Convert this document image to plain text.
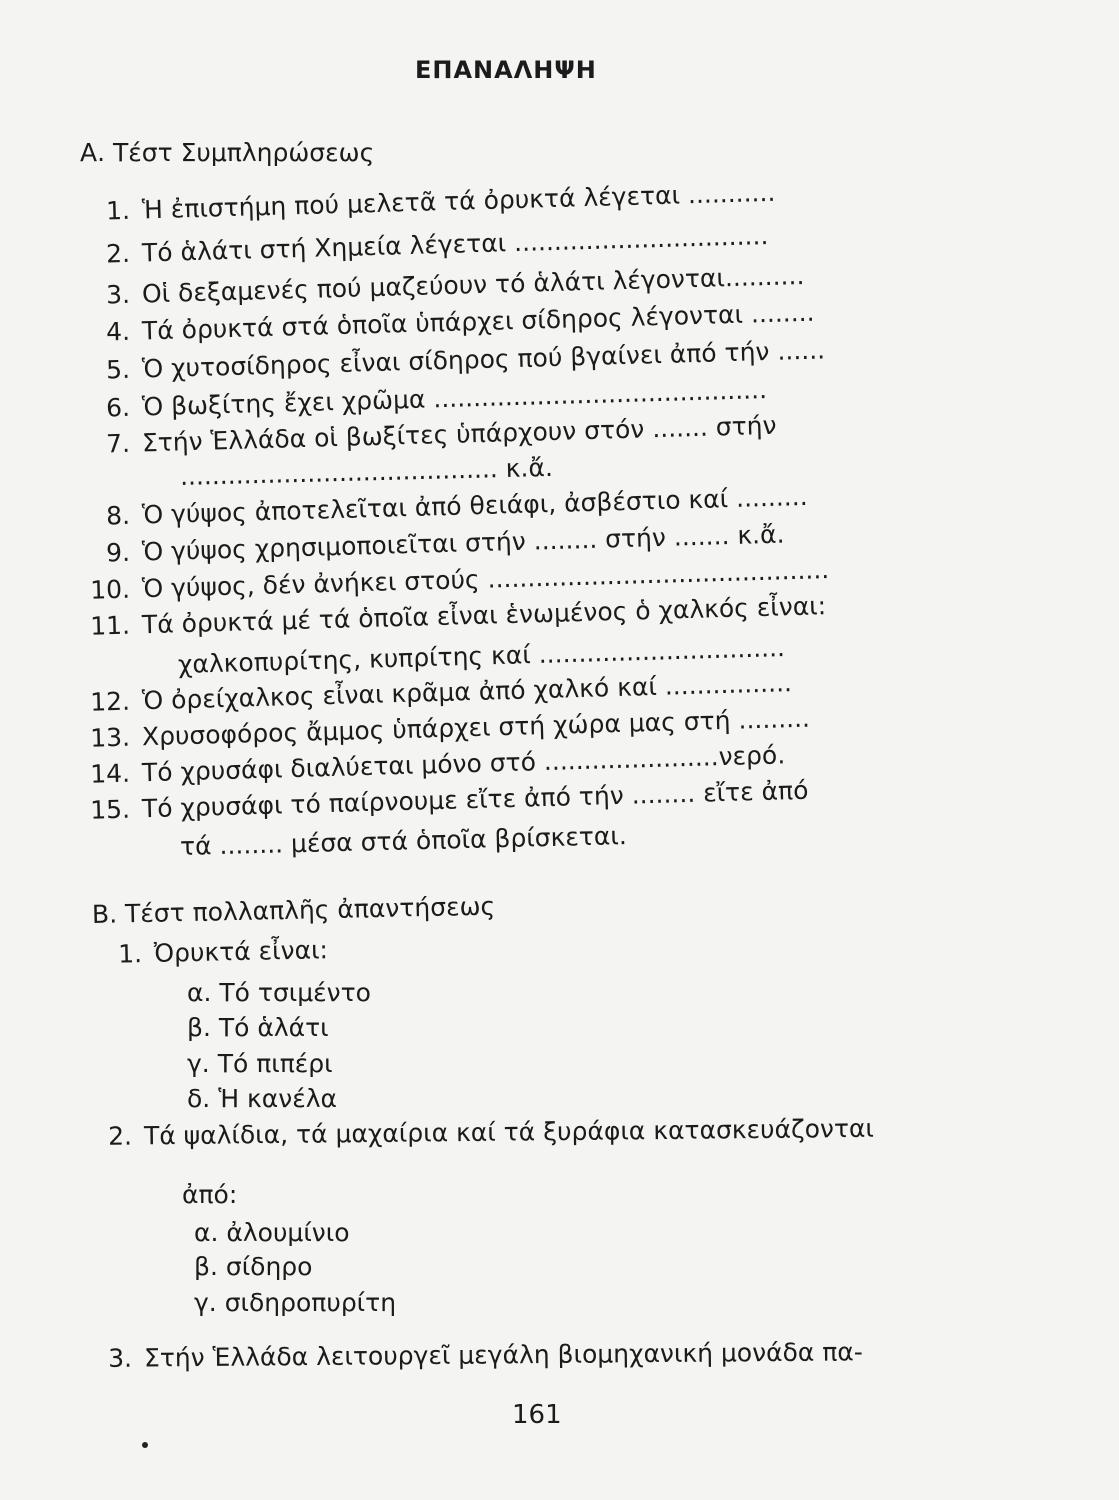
ΕΠΑΝΑΛΗΨΗ
Α. Τέστ Συμπληρώσεως
1. Ἡ ἐπιστήμη πού μελετᾶ τά ὀρυκτά λέγεται ...........
2. Τό ἁλάτι στή Χημεία λέγεται ................................
3. Οἱ δεξαμενές πού μαζεύουν τό ἁλάτι λέγονται..........
4. Τά ὀρυκτά στά ὁποῖα ὑπάρχει σίδηρος λέγονται ........
5. Ὁ χυτοσίδηρος εἶναι σίδηρος πού βγαίνει ἀπό τήν ......
6. Ὁ βωξίτης ἔχει χρῶμα ..........................................
7. Στήν Ἑλλάδα οἱ βωξίτες ὑπάρχουν στόν ....... στήν
........................................ κ.ἄ.
8. Ὁ γύψος ἀποτελεῖται ἀπό θειάφι, ἀσβέστιο καί .........
9. Ὁ γύψος χρησιμοποιεῖται στήν ........ στήν ....... κ.ἄ.
10. Ὁ γύψος, δέν ἀνήκει στούς ...........................................
11. Τά ὀρυκτά μέ τά ὁποῖα εἶναι ἑνωμένος ὁ χαλκός εἶναι:
χαλκοπυρίτης, κυπρίτης καί ...............................
12. Ὁ ὀρείχαλκος εἶναι κρᾶμα ἀπό χαλκό καί ................
13. Χρυσοφόρος ἄμμος ὑπάρχει στή χώρα μας στή .........
14. Τό χρυσάφι διαλύεται μόνο στό ......................νερό.
15. Τό χρυσάφι τό παίρνουμε εἴτε ἀπό τήν ........ εἴτε ἀπό
τά ........ μέσα στά ὁποῖα βρίσκεται.
Β. Τέστ πολλαπλῆς ἀπαντήσεως
1. Ὀρυκτά εἶναι:
α. Τό τσιμέντο
β. Τό ἁλάτι
γ. Τό πιπέρι
δ. Ἡ κανέλα
2. Τά ψαλίδια, τά μαχαίρια καί τά ξυράφια κατασκευάζονται
ἀπό:
α. ἀλουμίνιο
β. σίδηρο
γ. σιδηροπυρίτη
3. Στήν Ἑλλάδα λειτουργεῖ μεγάλη βιομηχανική μονάδα πα-
161
